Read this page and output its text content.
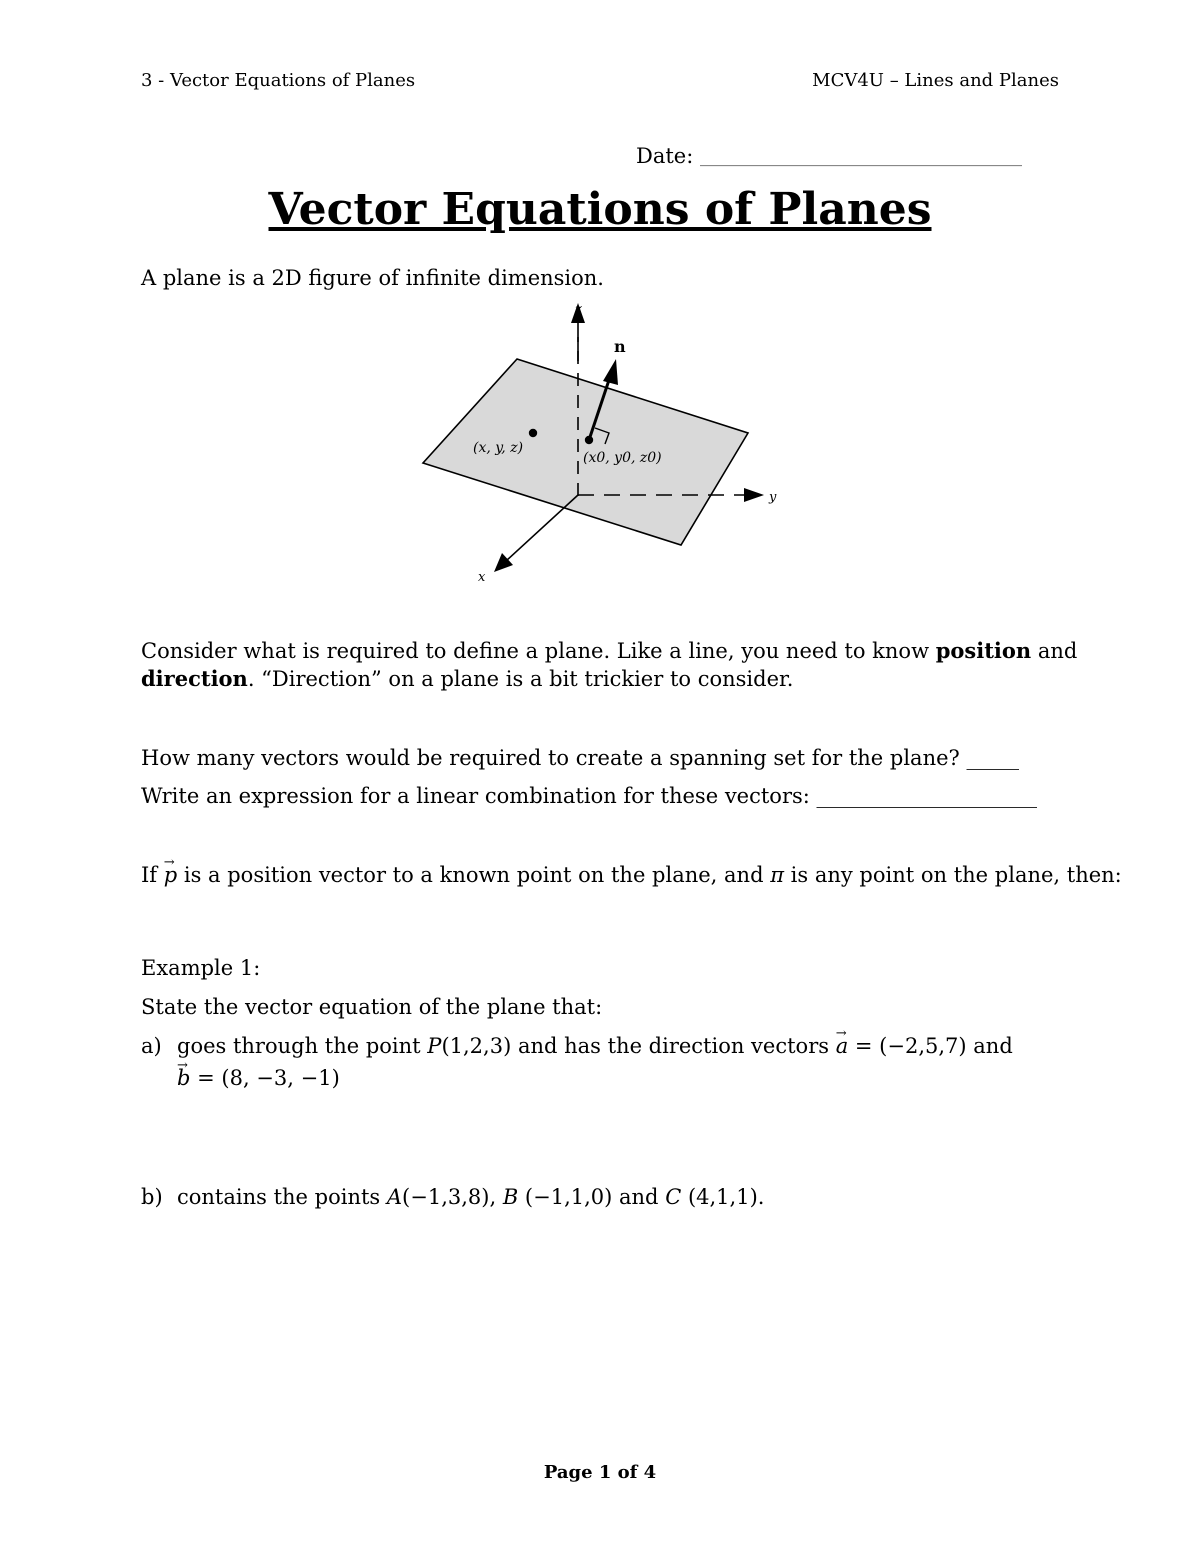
3 - Vector Equations of Planes	MCV4U – Lines and Planes
Date: ______________________________________________
Vector Equations of Planes
A plane is a 2D figure of infinite dimension.
z
y
x
n
(x, y, z)
(x0, y0, z0)
Consider what is required to define a plane. Like a line, you need to know position and
direction. “Direction” on a plane is a bit trickier to consider.
How many vectors would be required to create a spanning set for the plane? _____
Write an expression for a linear combination for these vectors: _____________________
If → p is a position vector to a known point on the plane, and π is any point on the plane, then:
Example 1:
State the vector equation of the plane that:
a) goes through the point P(1,2,3) and has the direction vectors → a = (−2,5,7) and
→ b = (8, −3, −1)
b) contains the points A(−1,3,8), B (−1,1,0) and C (4,1,1).
Page 1 of 4
